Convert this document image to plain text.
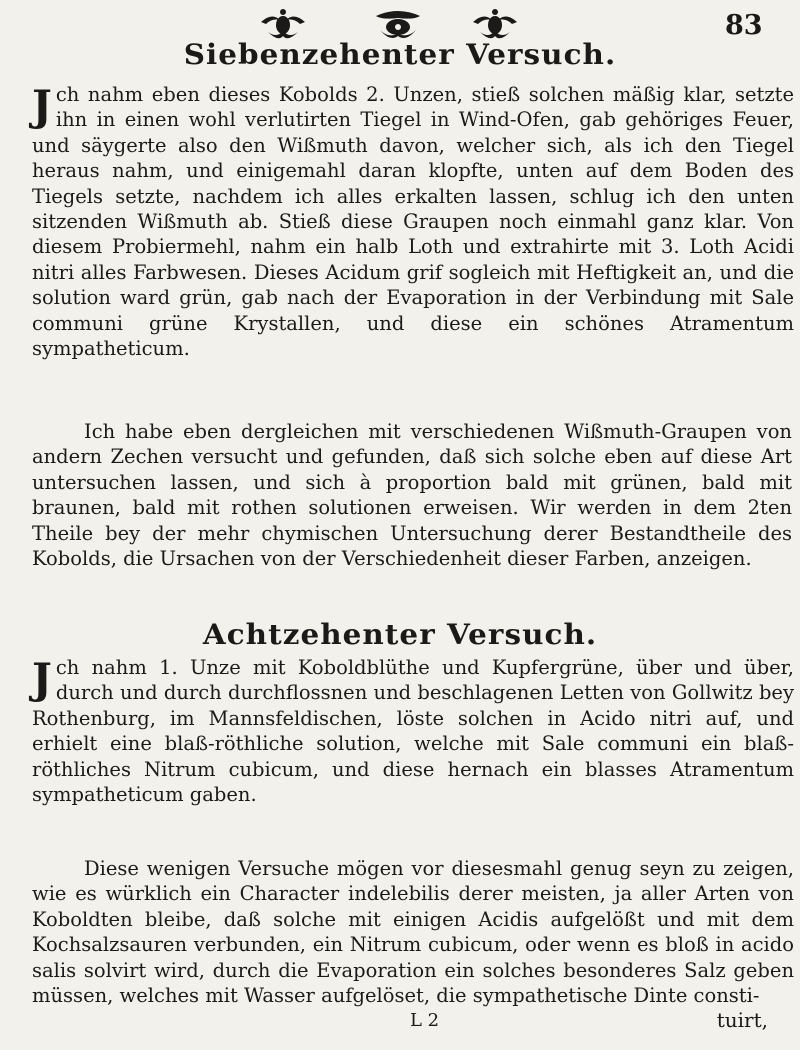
83
Siebenzehenter Versuch.
Jch nahm eben dieses Kobolds 2. Unzen, stieß solchen mäßig klar, setzte ihn in einen wohl verlutirten Tiegel in Wind-Ofen, gab gehöriges Feuer, und säygerte also den Wißmuth davon, welcher sich, als ich den Tiegel heraus nahm, und einigemahl daran klopfte, unten auf dem Boden des Tiegels setzte, nachdem ich alles erkalten lassen, schlug ich den unten sitzenden Wißmuth ab. Stieß diese Graupen noch einmahl ganz klar. Von diesem Probiermehl, nahm ein halb Loth und extrahirte mit 3. Loth Acidi nitri alles Farbwesen. Dieses Acidum grif sogleich mit Heftigkeit an, und die solution ward grün, gab nach der Evaporation in der Verbindung mit Sale communi grüne Krystallen, und diese ein schönes Atramentum sympatheticum.
Ich habe eben dergleichen mit verschiedenen Wißmuth-Graupen von andern Zechen versucht und gefunden, daß sich solche eben auf diese Art untersuchen lassen, und sich à proportion bald mit grünen, bald mit braunen, bald mit rothen solutionen erweisen. Wir werden in dem 2ten Theile bey der mehr chymischen Untersuchung derer Bestandtheile des Kobolds, die Ursachen von der Verschiedenheit dieser Farben, anzeigen.
Achtzehenter Versuch.
Jch nahm 1. Unze mit Koboldblüthe und Kupfergrüne, über und über, durch und durch durchflossnen und beschlagenen Letten von Gollwitz bey Rothenburg, im Mannsfeldischen, löste solchen in Acido nitri auf, und erhielt eine blaß-röthliche solution, welche mit Sale communi ein blaß-röthliches Nitrum cubicum, und diese hernach ein blasses Atramentum sympatheticum gaben.
Diese wenigen Versuche mögen vor diesesmahl genug seyn zu zeigen, wie es würklich ein Character indelebilis derer meisten, ja aller Arten von Koboldten bleibe, daß solche mit einigen Acidis aufgelößt und mit dem Kochsalzsauren verbunden, ein Nitrum cubicum, oder wenn es bloß in acido salis solvirt wird, durch die Evaporation ein solches besonderes Salz geben müssen, welches mit Wasser aufgelöset, die sympathetische Dinte consti-
L 2	tuirt,
